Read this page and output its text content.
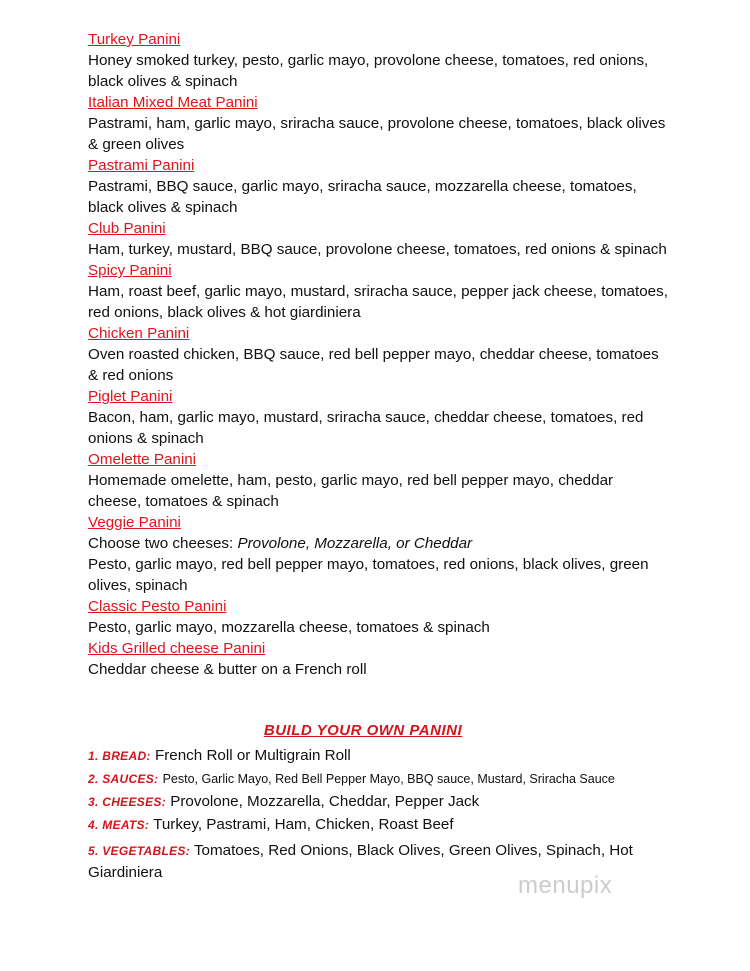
Turkey Panini
Honey smoked turkey, pesto, garlic mayo, provolone cheese, tomatoes, red onions, black olives & spinach
Italian Mixed Meat Panini
Pastrami, ham, garlic mayo, sriracha sauce, provolone cheese, tomatoes, black olives & green olives
Pastrami Panini
Pastrami, BBQ sauce, garlic mayo, sriracha sauce, mozzarella cheese, tomatoes, black olives & spinach
Club Panini
Ham, turkey, mustard, BBQ sauce, provolone cheese, tomatoes, red onions & spinach
Spicy Panini
Ham, roast beef, garlic mayo, mustard, sriracha sauce, pepper jack cheese, tomatoes, red onions, black olives & hot giardiniera
Chicken Panini
Oven roasted chicken, BBQ sauce, red bell pepper mayo, cheddar cheese, tomatoes & red onions
Piglet Panini
Bacon, ham, garlic mayo, mustard, sriracha sauce, cheddar cheese, tomatoes, red onions & spinach
Omelette Panini
Homemade omelette, ham, pesto, garlic mayo, red bell pepper mayo, cheddar cheese, tomatoes & spinach
Veggie Panini
Choose two cheeses: Provolone, Mozzarella, or Cheddar
Pesto, garlic mayo, red bell pepper mayo, tomatoes, red onions, black olives, green olives, spinach
Classic Pesto Panini
Pesto, garlic mayo, mozzarella cheese, tomatoes & spinach
Kids Grilled cheese Panini
Cheddar cheese & butter on a French roll
BUILD YOUR OWN PANINI
1. BREAD: French Roll or Multigrain Roll
2. SAUCES: Pesto, Garlic Mayo, Red Bell Pepper Mayo, BBQ sauce, Mustard, Sriracha Sauce
3. CHEESES: Provolone, Mozzarella, Cheddar, Pepper Jack
4. MEATS: Turkey, Pastrami, Ham, Chicken, Roast Beef
5. VEGETABLES: Tomatoes, Red Onions, Black Olives, Green Olives, Spinach, Hot Giardiniera	menupix
